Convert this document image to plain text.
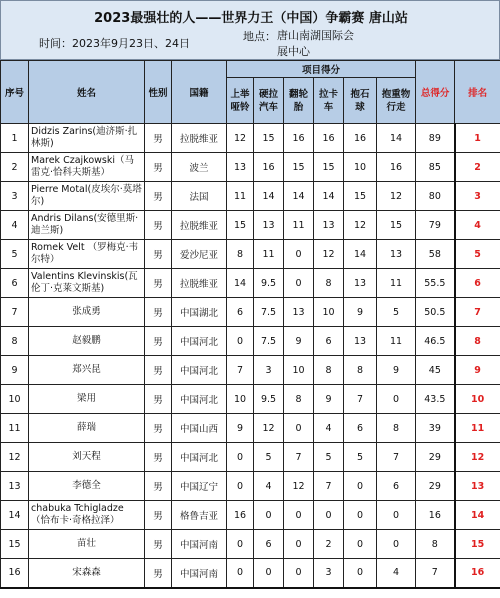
2023最强壮的人——世界力王（中国）争霸赛 唐山站
时间：2023年9月23日、24日
地点： 唐山南湖国际会展中心
序号	姓名	性别	国籍	项目得分						总得分	排名
				上举哑铃	硬拉汽车	翻轮胎	拉卡车	抱石球	抱重物行走		
1	Didzis Zarins(迪济斯·扎林斯)	男	拉脱维亚	12	15	16	16	16	14	89	1
2	Marek Czajkowski（马雷克·恰科夫斯基）	男	波兰	13	16	15	15	10	16	85	2
3	Pierre Motal(皮埃尔·莫塔尔)	男	法国	11	14	14	14	15	12	80	3
4	Andris Dilans(安德里斯·迪兰斯)	男	拉脱维亚	15	13	11	13	12	15	79	4
5	Romek Velt （罗梅克·韦尔特）	男	爱沙尼亚	8	11	0	12	14	13	58	5
6	Valentins Klevinskis(瓦伦丁·克莱文斯基)	男	拉脱维亚	14	9.5	0	8	13	11	55.5	6
7	张成勇	男	中国湖北	6	7.5	13	10	9	5	50.5	7
8	赵毅鹏	男	中国河北	0	7.5	9	6	13	11	46.5	8
9	郑兴昆	男	中国河北	7	3	10	8	8	9	45	9
10	梁用	男	中国河北	10	9.5	8	9	7	0	43.5	10
11	薛瑞	男	中国山西	9	12	0	4	6	8	39	11
12	刘天程	男	中国河北	0	5	7	5	5	7	29	12
13	李德全	男	中国辽宁	0	4	12	7	0	6	29	13
14	chabuka Tchigladze（恰布卡·奇格拉泽）	男	格鲁吉亚	16	0	0	0	0	0	16	14
15	苗壮	男	中国河南	0	6	0	2	0	0	8	15
16	宋森森	男	中国河南	0	0	0	3	0	4	7	16
